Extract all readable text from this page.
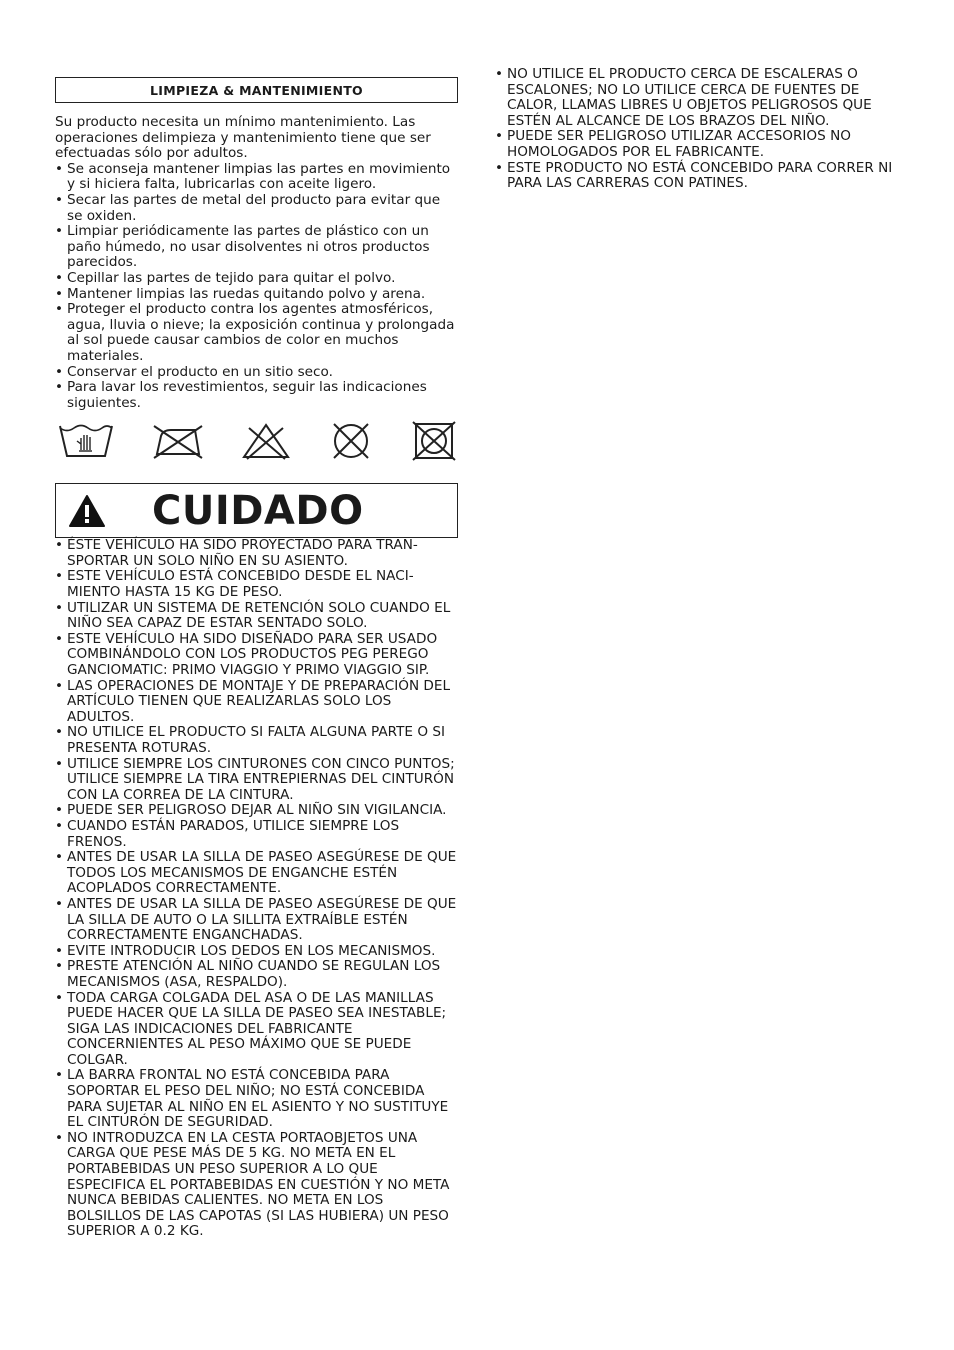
LIMPIEZA & MANTENIMIENTO
Su producto necesita un mínimo mantenimiento. Las operaciones delimpieza y mantenimiento tiene que ser efectuadas sólo por adultos.
• Se aconseja mantener limpias las partes en movimiento y si hiciera falta, lubricarlas con aceite ligero.
• Secar las partes de metal del producto para evitar que se oxiden.
• Limpiar periódicamente las partes de plástico con un paño húmedo, no usar disolventes ni otros productos parecidos.
• Cepillar las partes de tejido para quitar el polvo.
• Mantener limpias las ruedas quitando polvo y arena.
• Proteger el producto contra los agentes atmosféricos, agua, lluvia o nieve; la exposición continua y prolongada al sol puede causar cambios de color en muchos materiales.
• Conservar el producto en un sitio seco.
• Para lavar los revestimientos, seguir las indicaciones siguientes.
CUIDADO
• ÉSTE VEHÍCULO HA SIDO PROYECTADO PARA TRAN-SPORTAR UN SOLO NIÑO EN SU ASIENTO.
• ESTE VEHÍCULO ESTÁ CONCEBIDO DESDE EL NACI-MIENTO HASTA 15 KG DE PESO.
• UTILIZAR UN SISTEMA DE RETENCIÓN SOLO CUANDO EL NIÑO SEA CAPAZ DE ESTAR SENTADO SOLO.
• ESTE VEHÍCULO HA SIDO DISEÑADO PARA SER USADO COMBINÁNDOLO CON LOS PRODUCTOS PEG PEREGO GANCIOMATIC: PRIMO VIAGGIO Y PRIMO VIAGGIO SIP.
• LAS OPERACIONES DE MONTAJE Y DE PREPARACIÓN DEL ARTÍCULO TIENEN QUE REALIZARLAS SOLO LOS ADULTOS.
• NO UTILICE EL PRODUCTO SI FALTA ALGUNA PARTE O SI PRESENTA ROTURAS.
• UTILICE SIEMPRE LOS CINTURONES CON CINCO PUNTOS; UTILICE SIEMPRE LA TIRA ENTREPIERNAS DEL CINTURÓN CON LA CORREA DE LA CINTURA.
• PUEDE SER PELIGROSO DEJAR AL NIÑO SIN VIGILANCIA.
• CUANDO ESTÁN PARADOS, UTILICE SIEMPRE LOS FRENOS.
• ANTES DE USAR LA SILLA DE PASEO ASEGÚRESE DE QUE TODOS LOS MECANISMOS DE ENGANCHE ESTÉN ACOPLADOS CORRECTAMENTE.
• ANTES DE USAR LA SILLA DE PASEO ASEGÚRESE DE QUE LA SILLA DE AUTO O LA SILLITA EXTRAÍBLE ESTÉN CORRECTAMENTE ENGANCHADAS.
• EVITE INTRODUCIR LOS DEDOS EN LOS MECANISMOS.
• PRESTE ATENCIÓN AL NIÑO CUANDO SE REGULAN LOS MECANISMOS (ASA, RESPALDO).
• TODA CARGA COLGADA DEL ASA O DE LAS MANILLAS PUEDE HACER QUE LA SILLA DE PASEO SEA INESTABLE; SIGA LAS INDICACIONES DEL FABRICANTE CONCERNIENTES AL PESO MÁXIMO QUE SE PUEDE COLGAR.
• LA BARRA FRONTAL NO ESTÁ CONCEBIDA PARA SOPORTAR EL PESO DEL NIÑO; NO ESTÁ CONCEBIDA PARA SUJETAR AL NIÑO EN EL ASIENTO Y NO SUSTITUYE EL CINTURÓN DE SEGURIDAD.
• NO INTRODUZCA EN LA CESTA PORTAOBJETOS UNA CARGA QUE PESE MÁS DE 5 KG. NO META EN EL PORTABEBIDAS UN PESO SUPERIOR A LO QUE ESPECIFICA EL PORTABEBIDAS EN CUESTIÓN Y NO META NUNCA BEBIDAS CALIENTES. NO META EN LOS BOLSILLOS DE LAS CAPOTAS (SI LAS HUBIERA) UN PESO SUPERIOR A 0.2 KG.
• NO UTILICE EL PRODUCTO CERCA DE ESCALERAS O ESCALONES; NO LO UTILICE CERCA DE FUENTES DE CALOR, LLAMAS LIBRES U OBJETOS PELIGROSOS QUE ESTÉN AL ALCANCE DE LOS BRAZOS DEL NIÑO.
• PUEDE SER PELIGROSO UTILIZAR ACCESORIOS NO HOMOLOGADOS POR EL FABRICANTE.
• ESTE PRODUCTO NO ESTÁ CONCEBIDO PARA CORRER NI PARA LAS CARRERAS CON PATINES.
